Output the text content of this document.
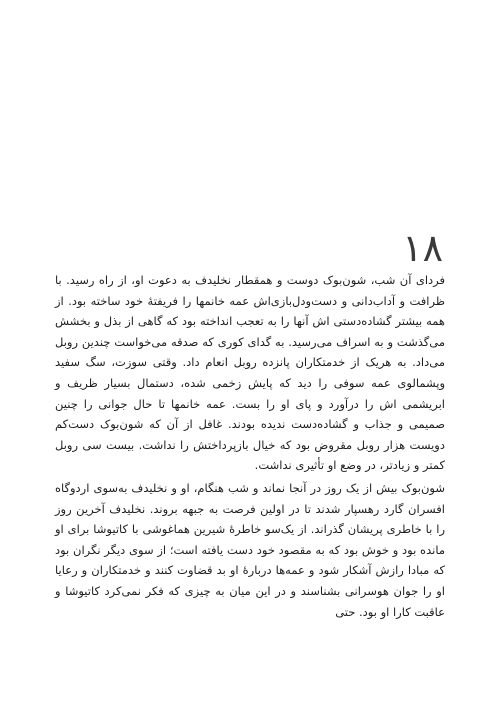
۱۸

فردای آن شب، شون‌بوک دوست و همقطار نخلیدف به دعوت او، از راه رسید. با ظرافت و آداب‌دانی و دست‌ودل‌بازی‌اش عمه خانمها را فریفتهٔ خود ساخته بود. از همه بیشتر گشاده‌دستی اش آنها را به تعجب انداخته بود که گاهی از بذل و بخشش می‌گذشت و به اسراف می‌رسید. به گدای کوری که صدقه می‌خواست چندین روبل می‌داد. به هریک از خدمتکاران پانزده روبل انعام داد. وقتی سوزت، سگ سفید وپشمالوی عمه سوفی را دید که پایش زخمی شده، دستمال بسیار ظریف و ابریشمی اش را درآورد و پای او را بست. عمه خانمها تا حال جوانی را چنین صمیمی و جذاب و گشاده‌دست ندیده بودند. غافل از آن که شون‌بوک دست‌کم دویست هزار روبل مقروض بود که خیال بازپرداختش را نداشت. بیست سی روبل کمتر و زیادتر، در وضع او تأثیری نداشت.

شون‌بوک بیش از یک روز در آنجا نماند و شب هنگام، او و نخلیدف به‌سوی اردوگاه افسران گارد رهسپار شدند تا در اولین فرصت به جبهه بروند. نخلیدف آخرین روز را با خاطری پریشان گذراند. از یک‌سو خاطرهٔ شیرین هماغوشی با کاتیوشا برای او مانده بود و خوش بود که به مقصود خود دست یافته است؛ از سوی دیگر نگران بود که مبادا رازش آشکار شود و عمه‌ها دربارهٔ او بد قضاوت کنند و خدمتکاران و رعایا او را جوان هوسرانی بشناسند و در این میان به چیزی که فکر نمی‌کرد کاتیوشا و عاقبت کارا او بود. حتی
